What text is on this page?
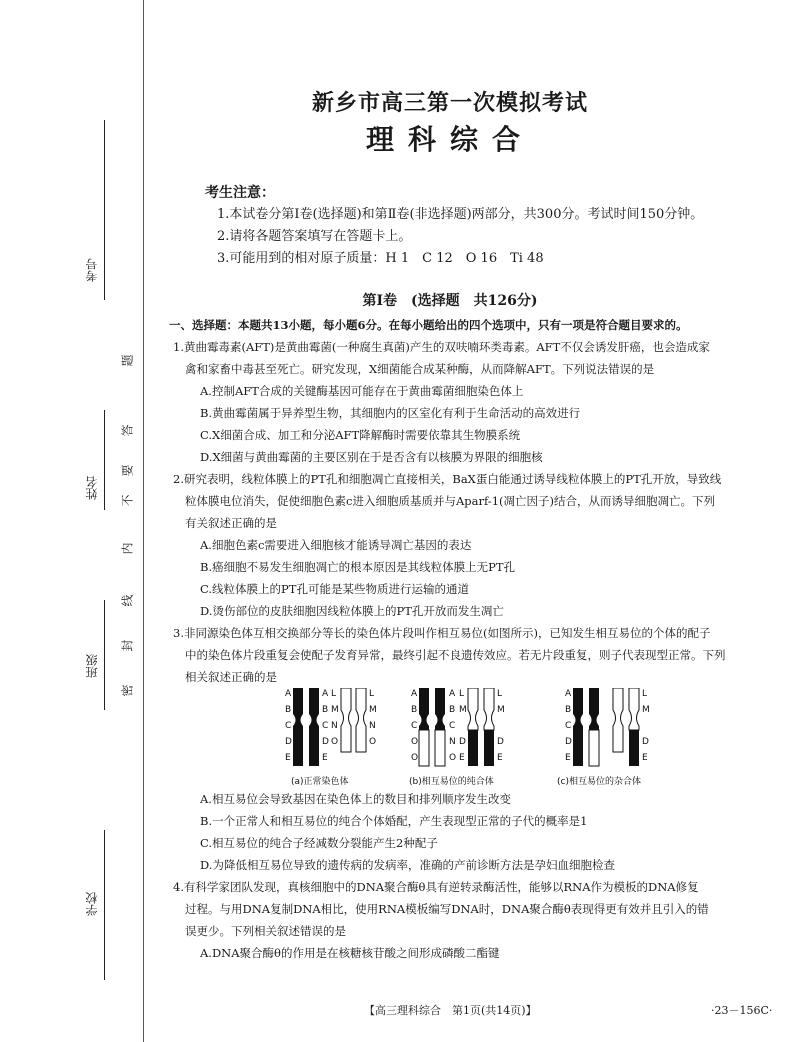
考号
姓名
班级
学校
题
答
要
不
内
线
封
密
新乡市高三第一次模拟考试
理科综合
考生注意：
1.本试卷分第Ⅰ卷(选择题)和第Ⅱ卷(非选择题)两部分，共300分。考试时间150分钟。
2.请将各题答案填写在答题卡上。
3.可能用到的相对原子质量：H 1　C 12　O 16　Ti 48
第Ⅰ卷　(选择题　共126分)

一、选择题：本题共13小题，每小题6分。在每小题给出的四个选项中，只有一项是符合题目要求的。

1.黄曲霉毒素(AFT)是黄曲霉菌(一种腐生真菌)产生的双呋喃环类毒素。AFT不仅会诱发肝癌，也会造成家

禽和家畜中毒甚至死亡。研究发现，X细菌能合成某种酶，从而降解AFT。下列说法错误的是

A.控制AFT合成的关键酶基因可能存在于黄曲霉菌细胞染色体上

B.黄曲霉菌属于异养型生物，其细胞内的区室化有利于生命活动的高效进行

C.X细菌合成、加工和分泌AFT降解酶时需要依靠其生物膜系统

D.X细菌与黄曲霉菌的主要区别在于是否含有以核膜为界限的细胞核

2.研究表明，线粒体膜上的PT孔和细胞凋亡直接相关，BaX蛋白能通过诱导线粒体膜上的PT孔开放，导致线

粒体膜电位消失，促使细胞色素c进入细胞质基质并与Aparf-1(凋亡因子)结合，从而诱导细胞凋亡。下列

有关叙述正确的是

A.细胞色素c需要进入细胞核才能诱导凋亡基因的表达

B.癌细胞不易发生细胞凋亡的根本原因是其线粒体膜上无PT孔

C.线粒体膜上的PT孔可能是某些物质进行运输的通道

D.烫伤部位的皮肤细胞因线粒体膜上的PT孔开放而发生凋亡

3.非同源染色体互相交换部分等长的染色体片段叫作相互易位(如图所示)，已知发生相互易位的个体的配子

中的染色体片段重复会使配子发育异常，最终引起不良遗传效应。若无片段重复，则子代表现型正常。下列

相关叙述正确的是

A
B
C
D
E
B
C
D
E
A L
M
N
O
L
M
N
O
A
B
C
O
O
A
B
C
N
O
L
M
D
E
L
M
D
E
A
B
C
D
E
L
M
D
E
(a)正常染色体	(b)相互易位的纯合体	(c)相互易位的杂合体

A.相互易位会导致基因在染色体上的数目和排列顺序发生改变

B.一个正常人和相互易位的纯合个体婚配，产生表现型正常的子代的概率是1

C.相互易位的纯合子经减数分裂能产生2种配子

D.为降低相互易位导致的遗传病的发病率，准确的产前诊断方法是孕妇血细胞检查

4.有科学家团队发现，真核细胞中的DNA聚合酶θ具有逆转录酶活性，能够以RNA作为模板的DNA修复

过程。与用DNA复制DNA相比，使用RNA模板编写DNA时，DNA聚合酶θ表现得更有效并且引入的错

误更少。下列相关叙述错误的是

A.DNA聚合酶θ的作用是在核糖核苷酸之间形成磷酸二酯键

【高三理科综合　第1页(共14页)】	·23－156C·
